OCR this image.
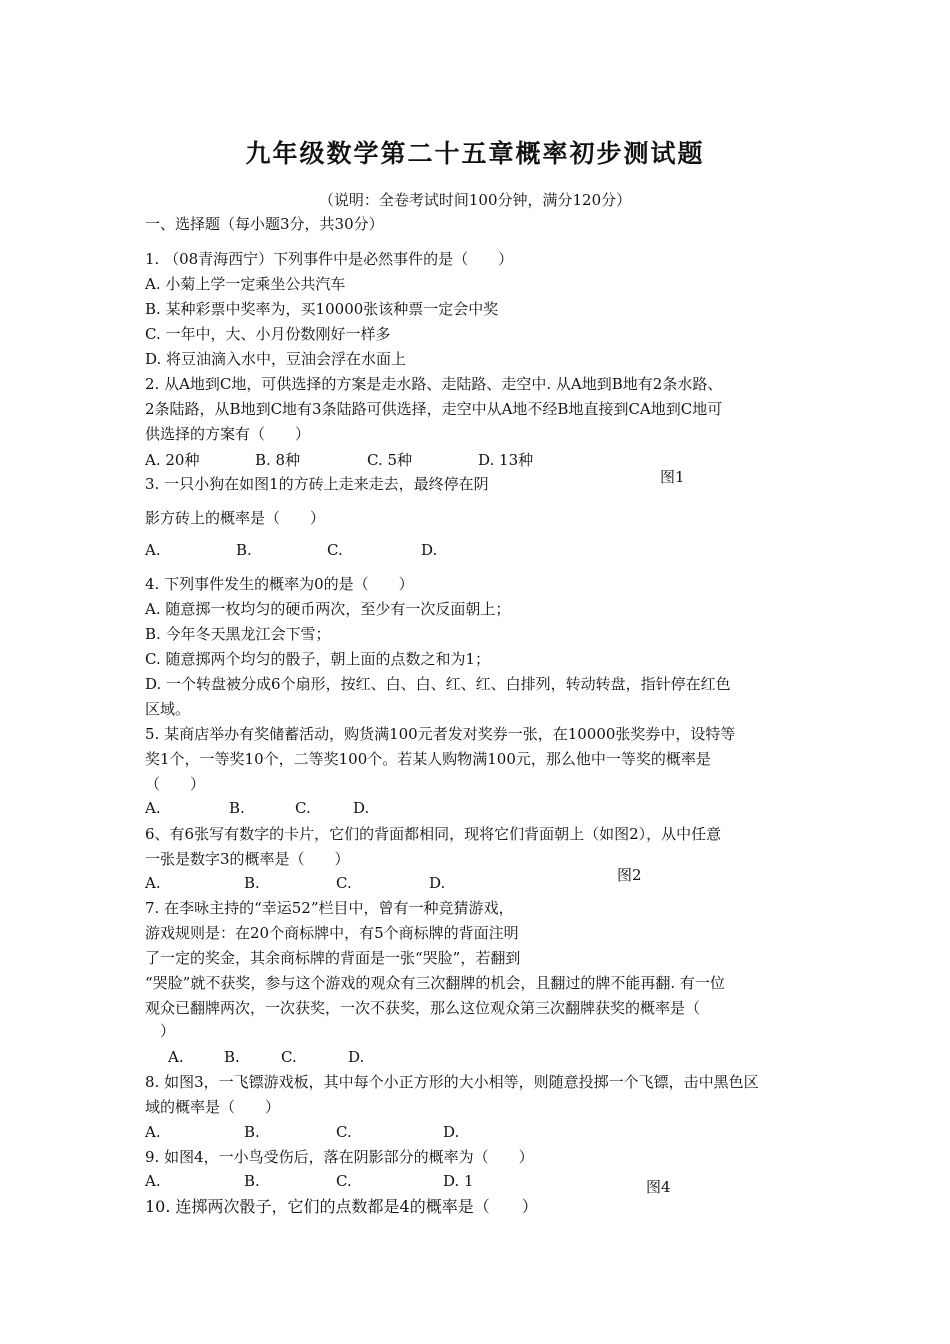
九年级数学第二十五章概率初步测试题
（说明：全卷考试时间100分钟，满分120分）
一、选择题（每小题3分，共30分）
1. （08青海西宁）下列事件中是必然事件的是（　　）
A. 小菊上学一定乘坐公共汽车
B. 某种彩票中奖率为，买10000张该种票一定会中奖
C. 一年中，大、小月份数刚好一样多
D. 将豆油滴入水中，豆油会浮在水面上
2. 从A地到C地，可供选择的方案是走水路、走陆路、走空中. 从A地到B地有2条水路、
2条陆路，从B地到C地有3条陆路可供选择，走空中从A地不经B地直接到CA地到C地可
供选择的方案有（　　）
A. 20种	B. 8种	C. 5种	D. 13种
3. 一只小狗在如图1的方砖上走来走去，最终停在阴	图1
影方砖上的概率是（　　）
A.	B.	C.	D.
4. 下列事件发生的概率为0的是（　　）
A. 随意掷一枚均匀的硬币两次，至少有一次反面朝上；
B. 今年冬天黑龙江会下雪；
C. 随意掷两个均匀的骰子，朝上面的点数之和为1；
D. 一个转盘被分成6个扇形，按红、白、白、红、红、白排列，转动转盘，指针停在红色
区域。
5. 某商店举办有奖储蓄活动，购货满100元者发对奖券一张，在10000张奖券中，设特等
奖1个，一等奖10个，二等奖100个。若某人购物满100元，那么他中一等奖的概率是
（　　）
A.	B.	C.	D.
6、有6张写有数字的卡片，它们的背面都相同，现将它们背面朝上（如图2），从中任意
一张是数字3的概率是（　　）
图2
A.	B.	C.	D.
7. 在李咏主持的“幸运52”栏目中，曾有一种竞猜游戏，
游戏规则是：在20个商标牌中，有5个商标牌的背面注明
了一定的奖金，其余商标牌的背面是一张“哭脸”，若翻到
“哭脸”就不获奖，参与这个游戏的观众有三次翻牌的机会，且翻过的牌不能再翻. 有一位
观众已翻牌两次，一次获奖，一次不获奖，那么这位观众第三次翻牌获奖的概率是（
）
A.	B.	C.	D.
8. 如图3，一飞镖游戏板，其中每个小正方形的大小相等，则随意投掷一个飞镖，击中黑色区
域的概率是（　　）
A.	B.	C.	D.
9. 如图4，一小鸟受伤后，落在阴影部分的概率为（　　）
A.	B.	C.	D. 1	图4
10. 连掷两次骰子，它们的点数都是4的概率是（　　）
